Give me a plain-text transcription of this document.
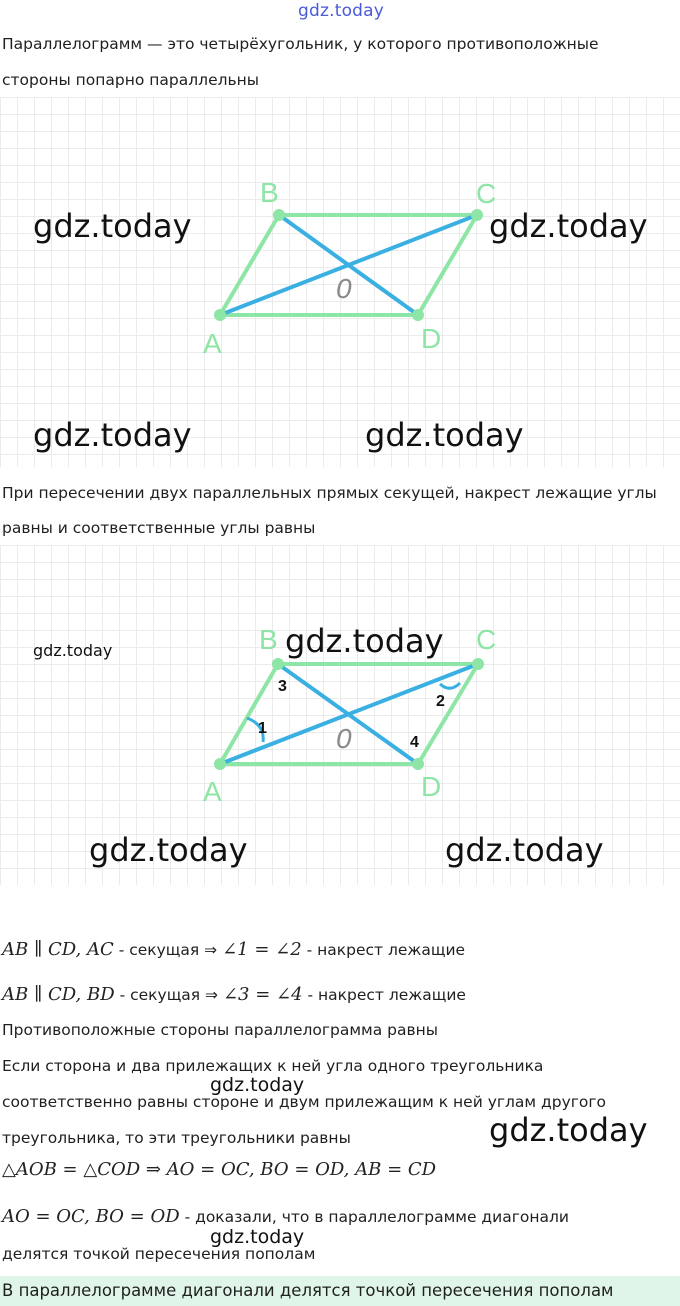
gdz.today
Параллелограмм — это четырёхугольник, у которого противоположные
стороны попарно параллельны
B	C
A	D
0
gdz.today	gdz.today
gdz.today	gdz.today
При пересечении двух параллельных прямых секущей, накрест лежащие углы
равны и соответственные углы равны
B	C
A	D
0
1
2
3
4
gdz.today	gdz.today
gdz.today	gdz.today
AB ∥ CD, AC - секущая ⇒ ∠1 = ∠2 - накрест лежащие
AB ∥ CD, BD - секущая ⇒ ∠3 = ∠4 - накрест лежащие
Противоположные стороны параллелограмма равны
Если сторона и два прилежащих к ней угла одного треугольника
gdz.today
соответственно равны стороне и двум прилежащим к ней углам другого
треугольника, то эти треугольники равны	gdz.today
△AOB = △COD ⇒ AO = OC, BO = OD, AB = CD
AO = OC, BO = OD - доказали, что в параллелограмме диагонали
gdz.today
делятся точкой пересечения пополам
В параллелограмме диагонали делятся точкой пересечения пополам
